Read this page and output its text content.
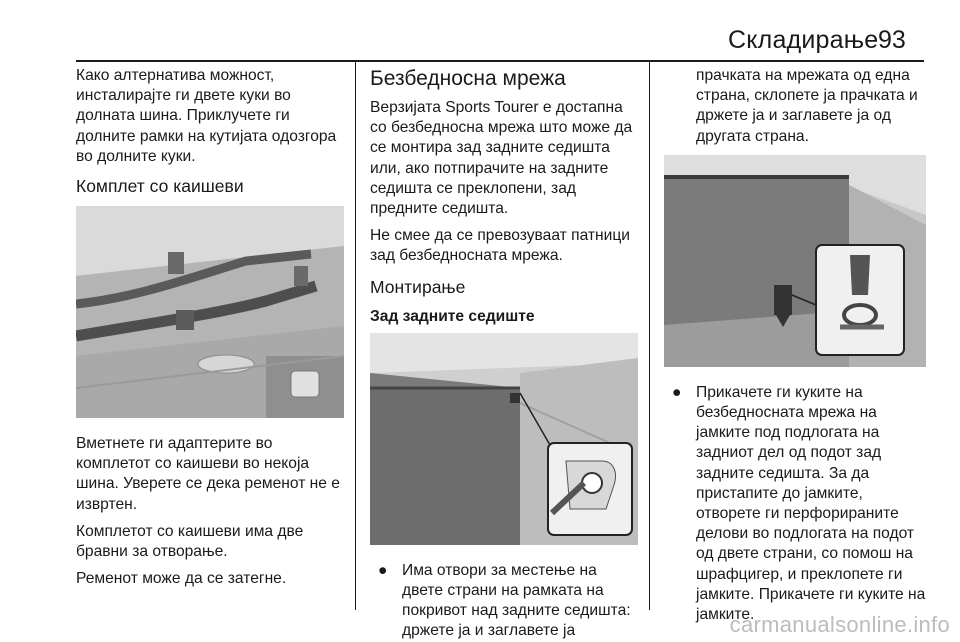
Складирање 93

Како алтернатива можност, инсталирајте ги двете куки во долната шина. Приклучете ги долните рамки на кутијата одозгора во долните куки.

Комплет со каишеви

Вметнете ги адаптерите во комплетот со каишеви во некоја шина. Уверете се дека ременот не е извртен.

Комплетот со каишеви има две бравни за отворање.

Ременот може да се затегне.

Безбедносна мрежа

Верзијата Sports Tourer е достапна со безбедносна мрежа што може да се монтира зад задните седишта или, ако потпирачите на задните седишта се преклопени, зад предните седишта.

Не смее да се превозуваат патници зад безбедносната мрежа.

Монтирање
Зад задните седиште
● Има отвори за местење на двете страни на рамката на покривот над задните седишта: држете ја и заглавете ја

прачката на мрежата од една страна, склопете ја прачката и држете ја и заглавете ја од другата страна.

● Прикачете ги куките на безбедносната мрежа на јамките под подлогата на задниот дел од подот зад задните седишта. За да пристапите до јамките, отворете ги перфорираните делови во подлогата на подот од двете страни, со помош на шрафцигер, и преклопете ги јамките. Прикачете ги куките на јамките.
carmanualsonline.info
